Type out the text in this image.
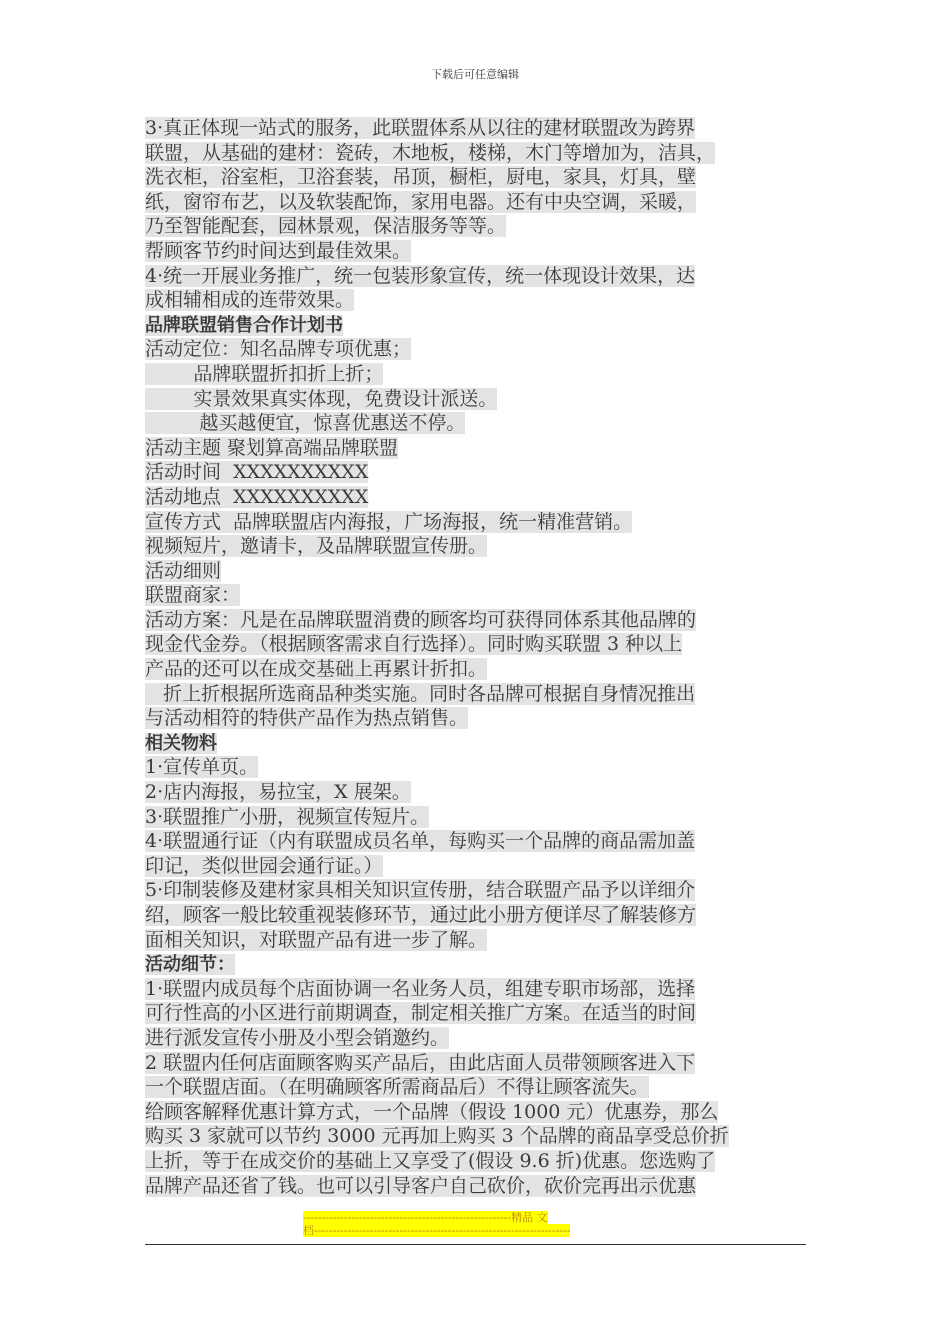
下载后可任意编辑
3·真正体现一站式的服务，此联盟体系从以往的建材联盟改为跨界
联盟，从基础的建材：瓷砖，木地板，楼梯，木门等增加为，洁具，
洗衣柜，浴室柜，卫浴套装，吊顶，橱柜，厨电，家具，灯具，壁
纸，窗帘布艺，以及软装配饰，家用电器。还有中央空调，采暖，
乃至智能配套，园林景观，保洁服务等等。
帮顾客节约时间达到最佳效果。
4·统一开展业务推广，统一包装形象宣传，统一体现设计效果，达
成相辅相成的连带效果。
品牌联盟销售合作计划书
活动定位：知名品牌专项优惠；
品牌联盟折扣折上折；
实景效果真实体现，免费设计派送。
越买越便宜，惊喜优惠送不停。
活动主题 聚划算高端品牌联盟
活动时间  XXXXXXXXXX
活动地点  XXXXXXXXXX
宣传方式  品牌联盟店内海报，广场海报，统一精准营销。
视频短片，邀请卡，及品牌联盟宣传册。
活动细则
联盟商家：
活动方案：凡是在品牌联盟消费的顾客均可获得同体系其他品牌的
现金代金券。（根据顾客需求自行选择）。同时购买联盟 3 种以上
产品的还可以在成交基础上再累计折扣。
折上折根据所选商品种类实施。同时各品牌可根据自身情况推出
与活动相符的特供产品作为热点销售。
相关物料
1·宣传单页。
2·店内海报，易拉宝，X 展架。
3·联盟推广小册，视频宣传短片。
4·联盟通行证（内有联盟成员名单，每购买一个品牌的商品需加盖
印记，类似世园会通行证。）
5·印制装修及建材家具相关知识宣传册，结合联盟产品予以详细介
绍，顾客一般比较重视装修环节，通过此小册方便详尽了解装修方
面相关知识，对联盟产品有进一步了解。
活动细节：
1·联盟内成员每个店面协调一名业务人员，组建专职市场部，选择
可行性高的小区进行前期调查，制定相关推广方案。在适当的时间
进行派发宣传小册及小型会销邀约。
2 联盟内任何店面顾客购买产品后，由此店面人员带领顾客进入下
一个联盟店面。（在明确顾客所需商品后）不得让顾客流失。
给顾客解释优惠计算方式，一个品牌（假设 1000 元）优惠券，那么
购买 3 家就可以节约 3000 元再加上购买 3 个品牌的商品享受总价折
上折，等于在成交价的基础上又享受了(假设 9.6 折)优惠。您选购了
品牌产品还省了钱。也可以引导客户自己砍价，砍价完再出示优惠
--------------------------------------------------------精品 文
档---------------------------------------------------------------------
